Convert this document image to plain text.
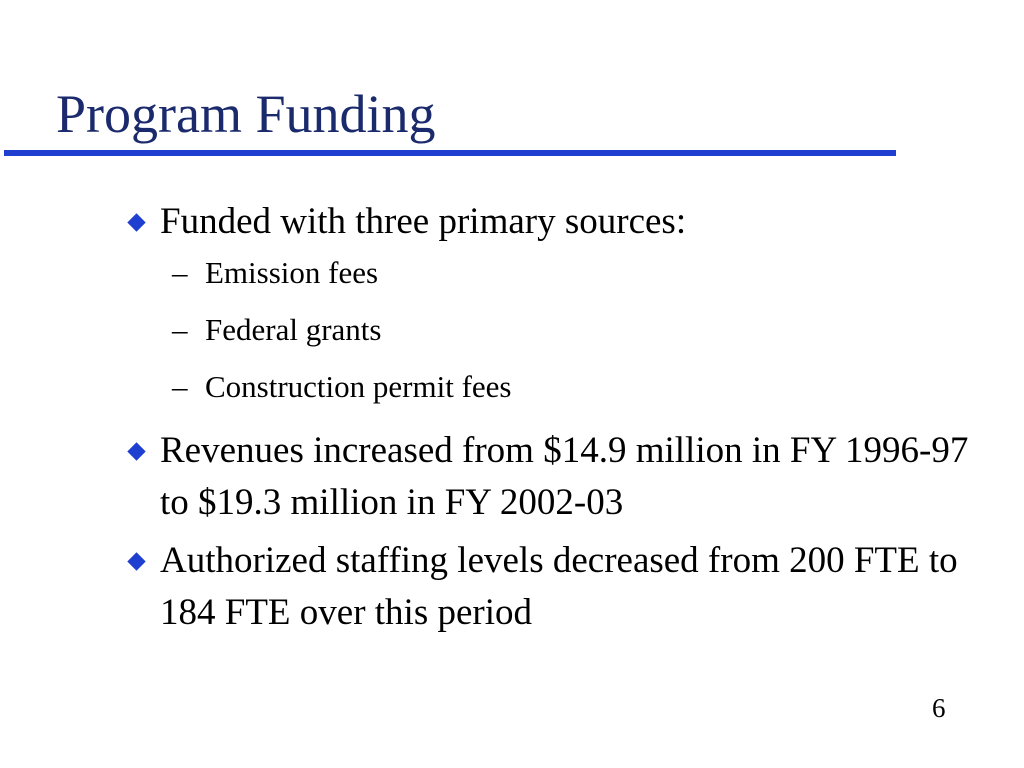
Program Funding
Funded with three primary sources:
– Emission fees
– Federal grants
– Construction permit fees
Revenues increased from $14.9 million in FY 1996-97 to $19.3 million in FY 2002-03
Authorized staffing levels decreased from 200 FTE to 184 FTE over this period
6
